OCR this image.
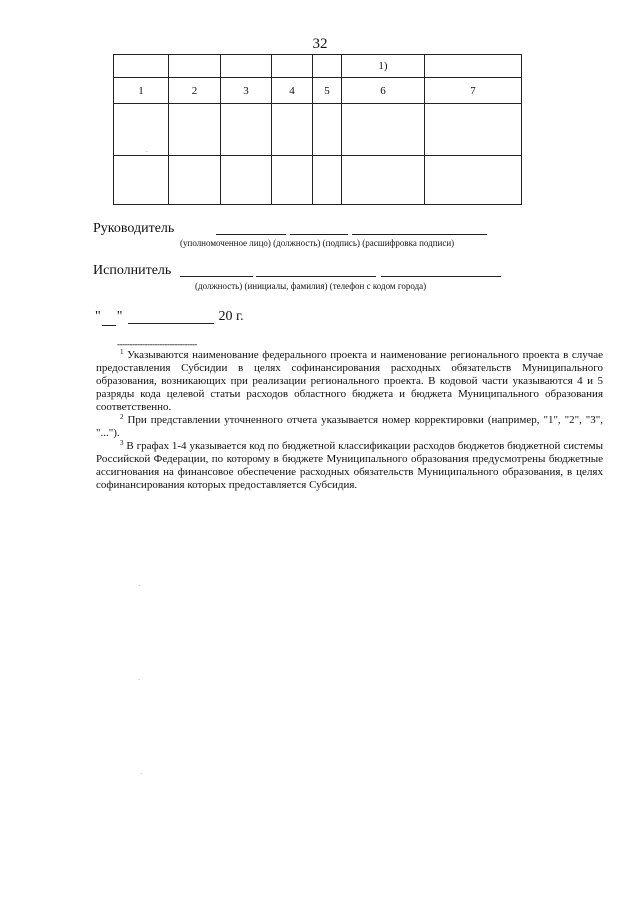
32
					1)	
1	2	3	4	5	6	7

Руководитель
(уполномоченное лицо) (должность) (подпись) (расшифровка подписи)
Исполнитель
(должность) (инициалы, фамилия) (телефон с кодом города)
" "	20 г.
--------------------------------

$^1$ Указываются наименование федерального проекта и наименование регионального проекта в случае предоставления Субсидии в целях софинансирования расходных обязательств Муниципального образования, возникающих при реализации регионального проекта. В кодовой части указываются 4 и 5 разряды кода целевой статьи расходов областного бюджета и бюджета Муниципального образования соответственно.

$^2$ При представлении уточненного отчета указывается номер корректировки (например, "1", "2", "3", "...").

$^3$ В графах 1-4 указывается код по бюджетной классификации расходов бюджетов бюджетной системы Российской Федерации, по которому в бюджете Муниципального образования предусмотрены бюджетные ассигнования на финансовое обеспечение расходных обязательств Муниципального образования, в целях софинансирования которых предоставляется Субсидия.

.
·
·
·
